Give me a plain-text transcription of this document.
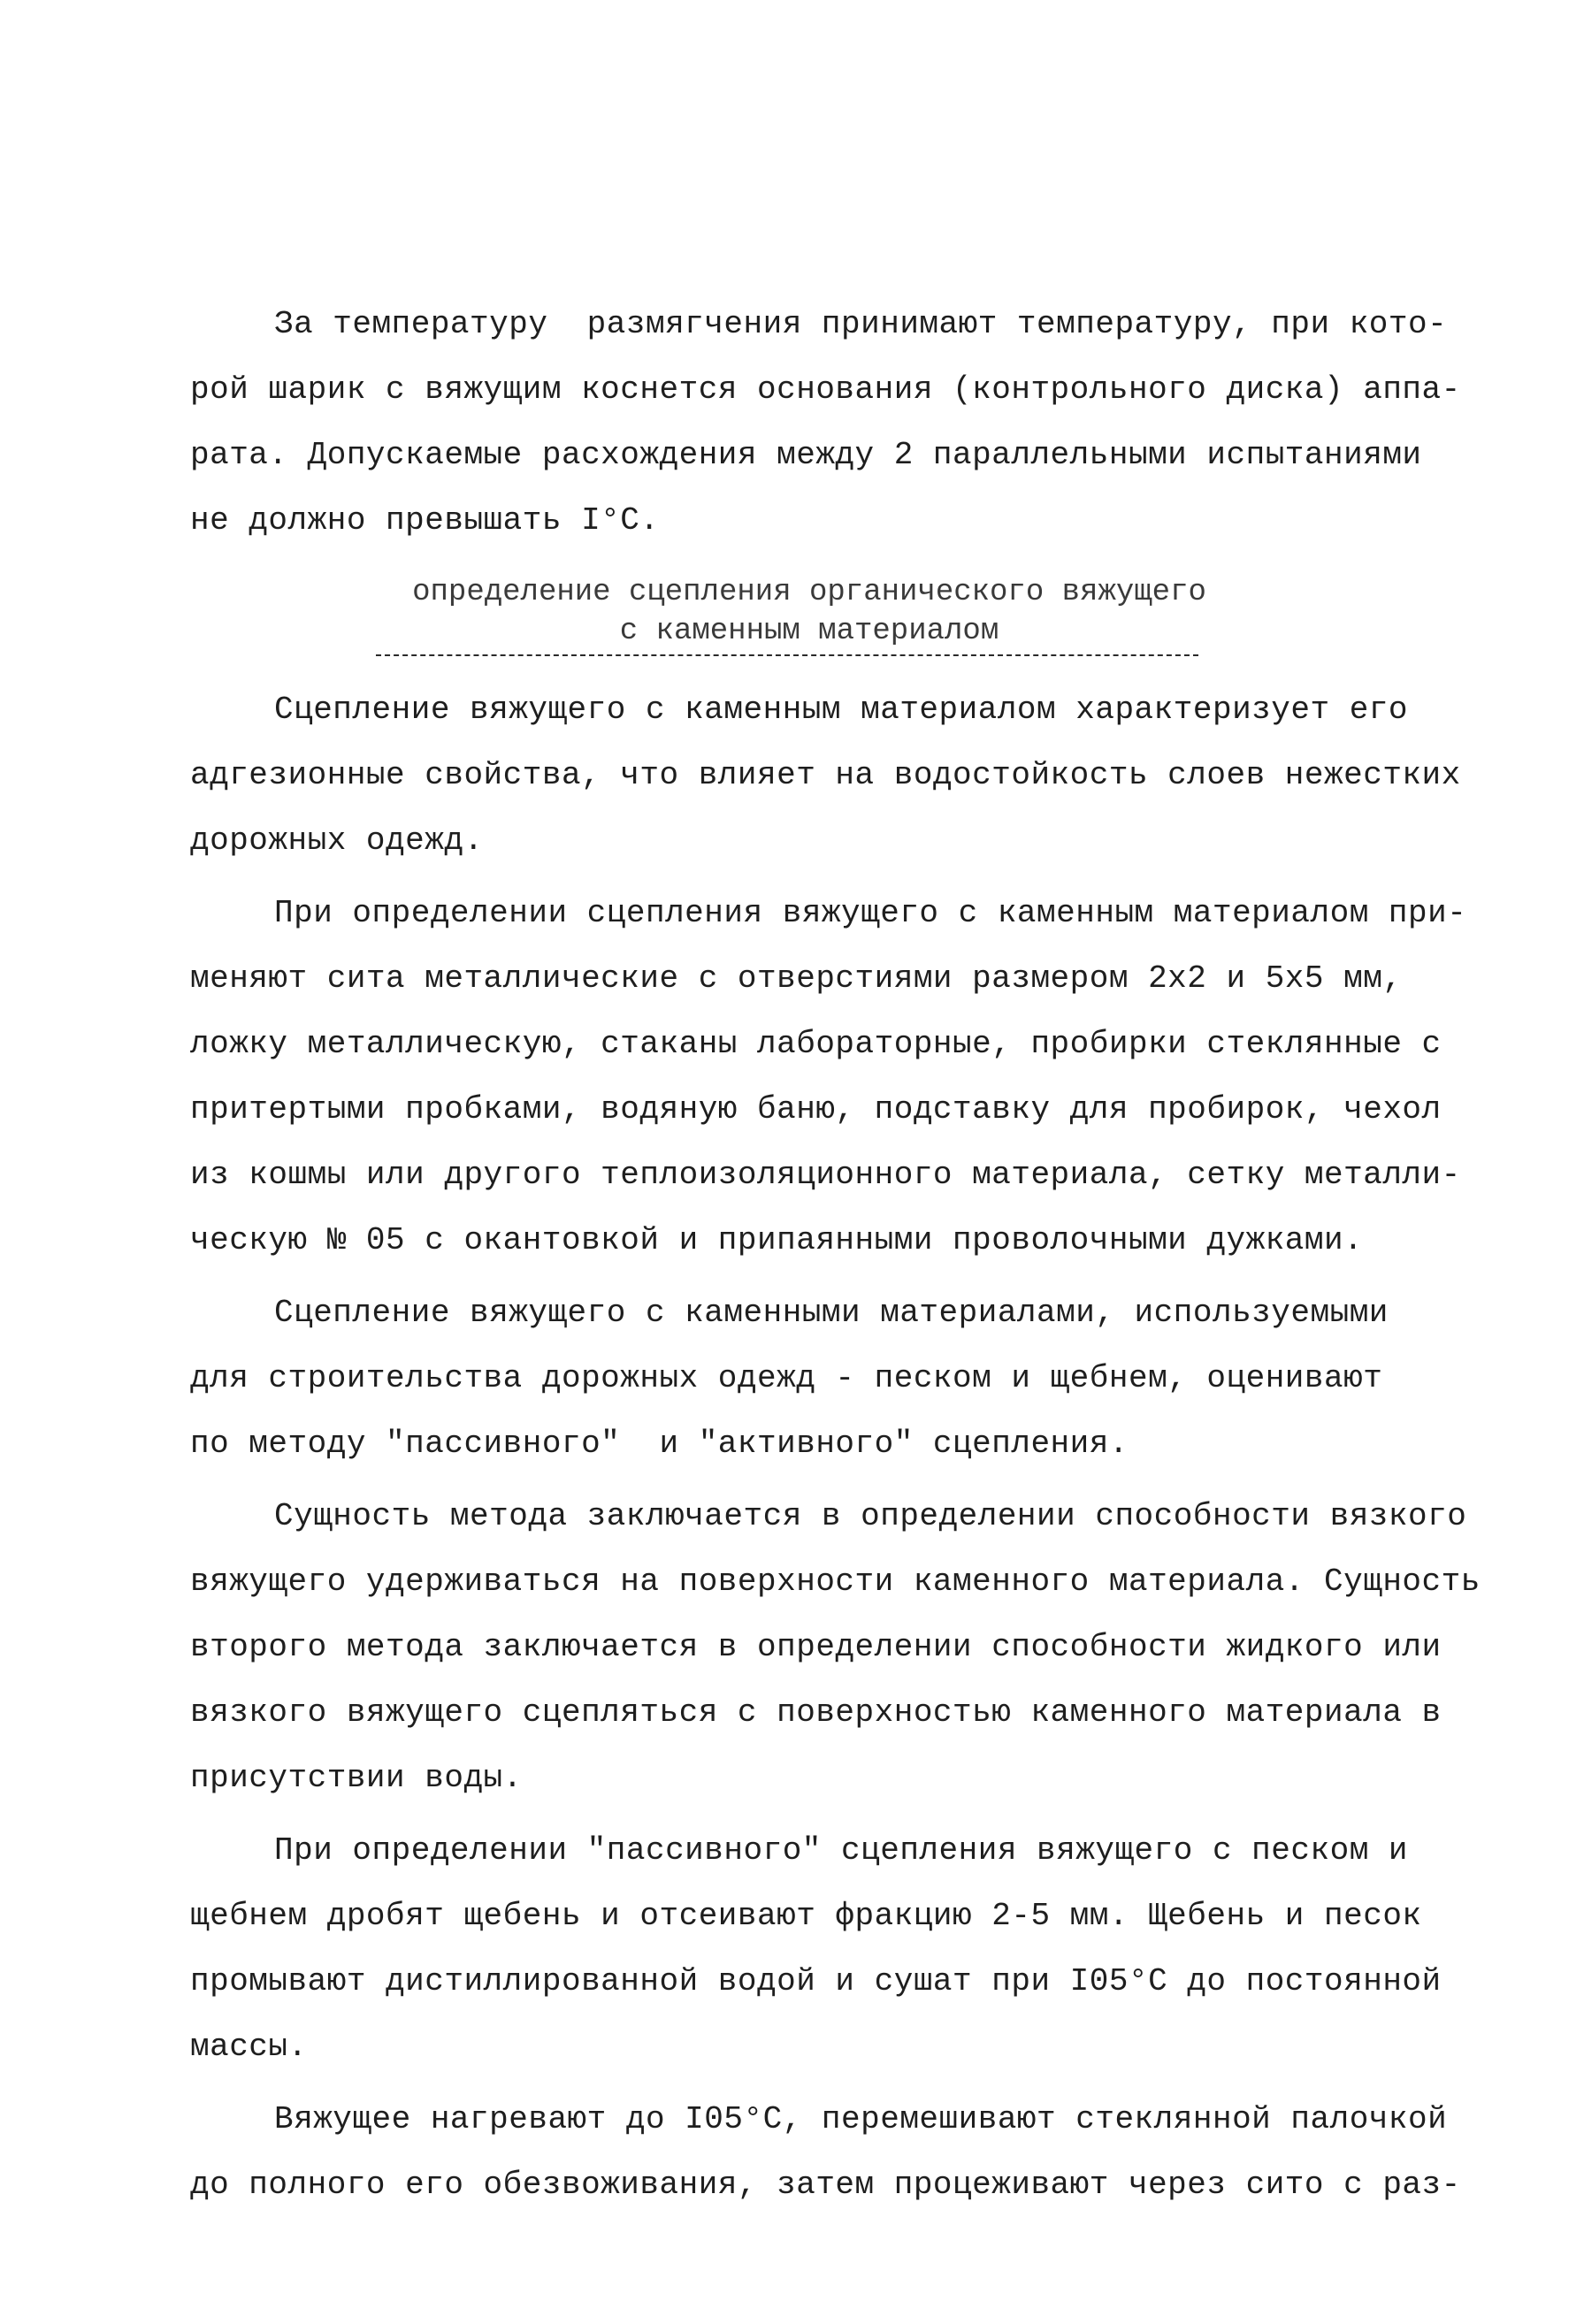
За температуру  размягчения принимают температуру, при кото-
рой шарик с вяжущим коснется основания (контрольного диска) аппа-
рата. Допускаемые расхождения между 2 параллельными испытаниями
не должно превышать I°С.
определение сцепления органического вяжущего
с каменным материалом
Сцепление вяжущего с каменным материалом характеризует его
адгезионные свойства, что влияет на водостойкость слоев нежестких
дорожных одежд.
При определении сцепления вяжущего с каменным материалом при-
меняют сита металлические с отверстиями размером 2х2 и 5х5 мм,
ложку металлическую, стаканы лабораторные, пробирки стеклянные с
притертыми пробками, водяную баню, подставку для пробирок, чехол
из кошмы или другого теплоизоляционного материала, сетку металли-
ческую № 05 с окантовкой и припаянными проволочными дужками.
Сцепление вяжущего с каменными материалами, используемыми
для строительства дорожных одежд - песком и щебнем, оценивают
по методу "пассивного"  и "активного" сцепления.
Сущность метода заключается в определении способности вязкого
вяжущего удерживаться на поверхности каменного материала. Сущность
второго метода заключается в определении способности жидкого или
вязкого вяжущего сцепляться с поверхностью каменного материала в
присутствии воды.
При определении "пассивного" сцепления вяжущего с песком и
щебнем дробят щебень и отсеивают фракцию 2-5 мм. Щебень и песок
промывают дистиллированной водой и сушат при I05°С до постоянной
массы.
Вяжущее нагревают до I05°С, перемешивают стеклянной палочкой
до полного его обезвоживания, затем процеживают через сито с раз-
